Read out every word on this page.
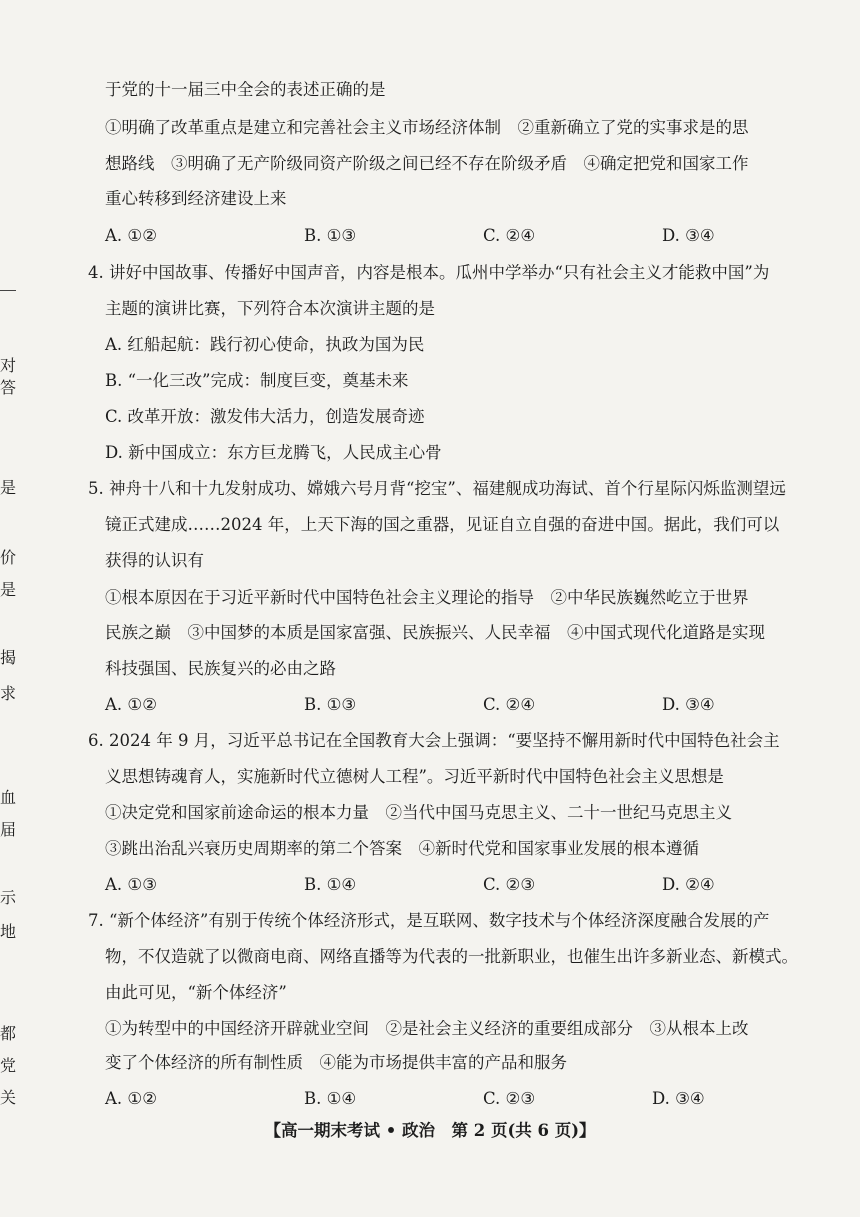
对
答
是
价
是
揭
求
血
届
示
地
都
党
关
于党的十一届三中全会的表述正确的是
①明确了改革重点是建立和完善社会主义市场经济体制　②重新确立了党的实事求是的思
想路线　③明确了无产阶级同资产阶级之间已经不存在阶级矛盾　④确定把党和国家工作
重心转移到经济建设上来
A. ①②	B. ①③	C. ②④	D. ③④
4. 讲好中国故事、传播好中国声音，内容是根本。瓜州中学举办“只有社会主义才能救中国”为
主题的演讲比赛，下列符合本次演讲主题的是
A. 红船起航：践行初心使命，执政为国为民
B. “一化三改”完成：制度巨变，奠基未来
C. 改革开放：激发伟大活力，创造发展奇迹
D. 新中国成立：东方巨龙腾飞，人民成主心骨
5. 神舟十八和十九发射成功、嫦娥六号月背“挖宝”、福建舰成功海试、首个行星际闪烁监测望远
镜正式建成……2024 年，上天下海的国之重器，见证自立自强的奋进中国。据此，我们可以
获得的认识有
①根本原因在于习近平新时代中国特色社会主义理论的指导　②中华民族巍然屹立于世界
民族之巅　③中国梦的本质是国家富强、民族振兴、人民幸福　④中国式现代化道路是实现
科技强国、民族复兴的必由之路
A. ①②	B. ①③	C. ②④	D. ③④
6. 2024 年 9 月，习近平总书记在全国教育大会上强调：“要坚持不懈用新时代中国特色社会主
义思想铸魂育人，实施新时代立德树人工程”。习近平新时代中国特色社会主义思想是
①决定党和国家前途命运的根本力量　②当代中国马克思主义、二十一世纪马克思主义
③跳出治乱兴衰历史周期率的第二个答案　④新时代党和国家事业发展的根本遵循
A. ①③	B. ①④	C. ②③	D. ②④
7. “新个体经济”有别于传统个体经济形式，是互联网、数字技术与个体经济深度融合发展的产
物，不仅造就了以微商电商、网络直播等为代表的一批新职业，也催生出许多新业态、新模式。
由此可见，“新个体经济”
①为转型中的中国经济开辟就业空间　②是社会主义经济的重要组成部分　③从根本上改
变了个体经济的所有制性质　④能为市场提供丰富的产品和服务
A. ①②	B. ①④	C. ②③	D. ③④
【高一期末考试 • 政治　第 2 页(共 6 页)】
